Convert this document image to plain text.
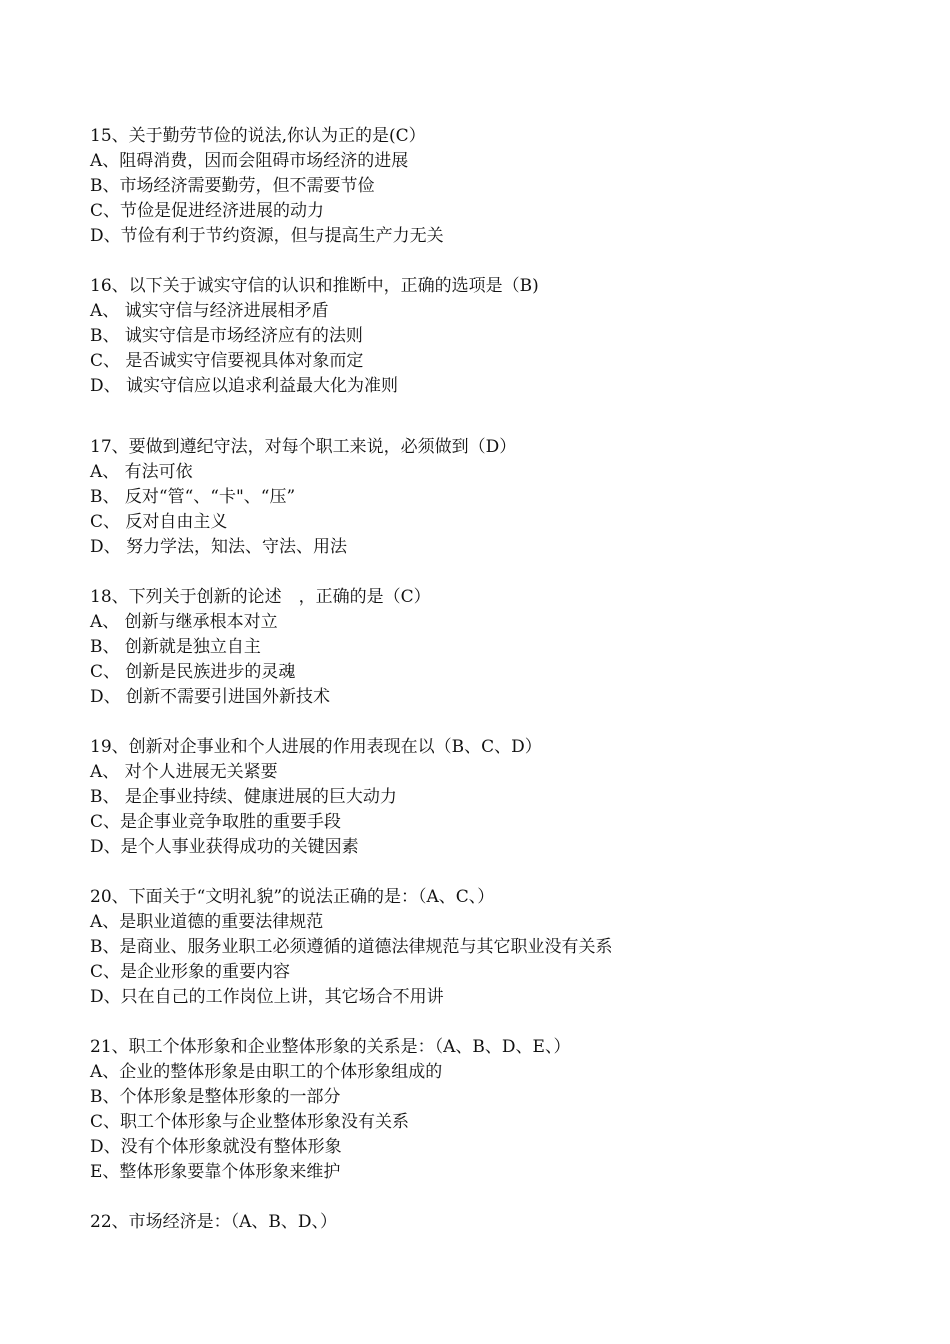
15、关于勤劳节俭的说法,你认为正的是(C）
A、阻碍消费，因而会阻碍市场经济的进展
B、市场经济需要勤劳，但不需要节俭
C、节俭是促进经济进展的动力
D、节俭有利于节约资源，但与提高生产力无关
16、以下关于诚实守信的认识和推断中，正确的选项是（B)
A、 诚实守信与经济进展相矛盾
B、 诚实守信是市场经济应有的法则
C、 是否诚实守信要视具体对象而定
D、 诚实守信应以追求利益最大化为准则
17、要做到遵纪守法，对每个职工来说，必须做到（D）
A、 有法可依
B、 反对“管“、“卡"、“压”
C、 反对自由主义
D、 努力学法，知法、守法、用法
18、下列关于创新的论述　，正确的是（C）
A、 创新与继承根本对立
B、 创新就是独立自主
C、 创新是民族进步的灵魂
D、 创新不需要引进国外新技术
19、创新对企事业和个人进展的作用表现在以（B、C、D）
A、 对个人进展无关紧要
B、 是企事业持续、健康进展的巨大动力
C、是企事业竞争取胜的重要手段
D、是个人事业获得成功的关键因素
20、下面关于“文明礼貌”的说法正确的是：（A、C、）
A、是职业道德的重要法律规范
B、是商业、服务业职工必须遵循的道德法律规范与其它职业没有关系
C、是企业形象的重要内容
D、只在自己的工作岗位上讲，其它场合不用讲
21、职工个体形象和企业整体形象的关系是：（A、B、D、E、）
A、企业的整体形象是由职工的个体形象组成的
B、个体形象是整体形象的一部分
C、职工个体形象与企业整体形象没有关系
D、没有个体形象就没有整体形象
E、整体形象要靠个体形象来维护
22、市场经济是：（A、B、D、）
